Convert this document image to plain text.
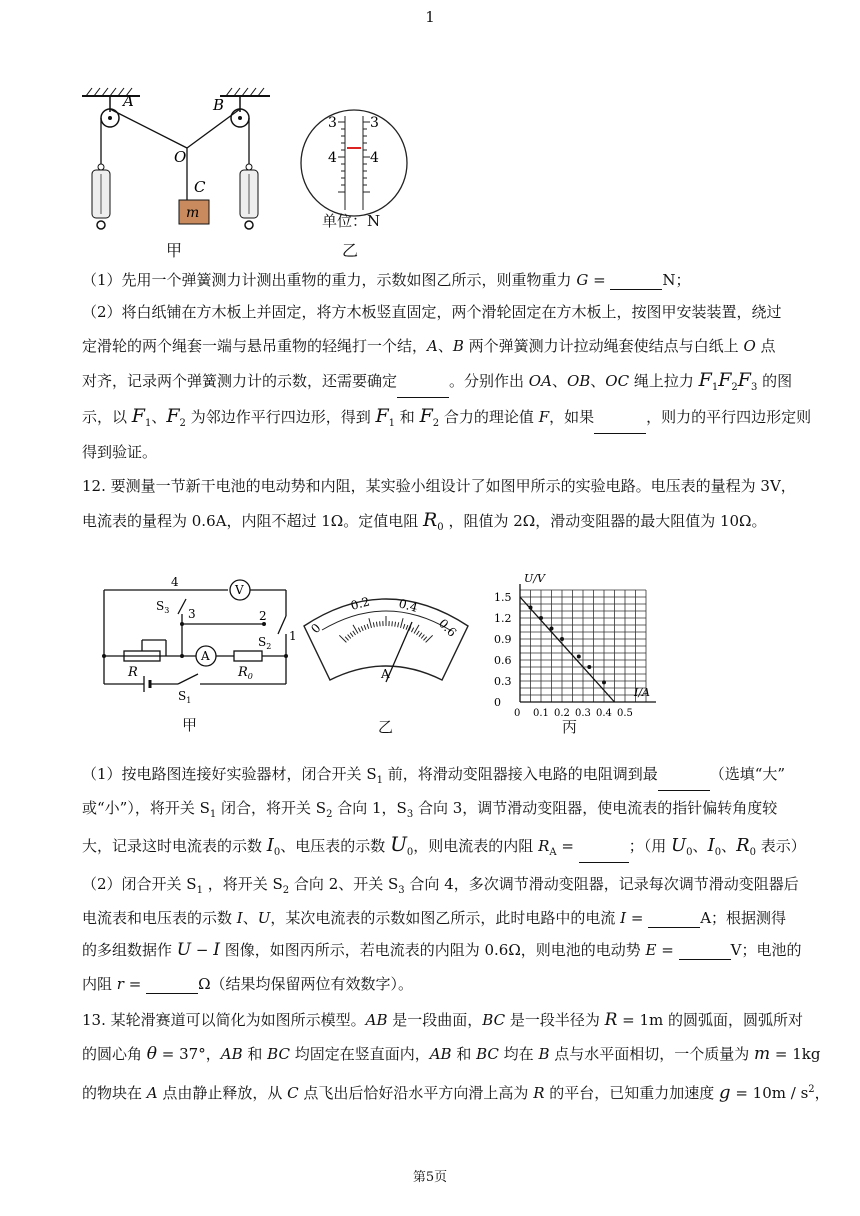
1
A	B
O
C
m
甲
3 3
4 4
单位：N
乙
（1）先用一个弹簧测力计测出重物的重力，示数如图乙所示，则重物重力 G =	N；
（2）将白纸铺在方木板上并固定，将方木板竖直固定，两个滑轮固定在方木板上，按图甲安装装置，绕过
定滑轮的两个绳套一端与悬吊重物的轻绳打一个结，A、B 两个弹簧测力计拉动绳套使结点与白纸上 O 点
对齐，记录两个弹簧测力计的示数，还需要确定	。分别作出 OA、OB、OC 绳上拉力 $F_1F_2F_3$ 的图
示，以 $F_1$、$F_2$ 为邻边作平行四边形，得到 $F_1$ 和 $F_2$ 合力的理论值 F，如果	，则力的平行四边形定则
得到验证。
12. 要测量一节新干电池的电动势和内阻，某实验小组设计了如图甲所示的实验电路。电压表的量程为 3V，
电流表的量程为 0.6A，内阻不超过 1Ω。定值电阻 $R_0$ ，阻值为 2Ω，滑动变阻器的最大阻值为 10Ω。
4
3	2
1
$S_3$
$S_2$
$S_1$
V
A
R	$R_0$
甲
0
0.2 0.4
0.6
A
乙
0
0.3
0.6
0.9
1.2
1.5
0 0.1 0.2 0.3 0.4 0.5
U/V
I/A
丙
（1）按电路图连接好实验器材，闭合开关 $S_1$ 前，将滑动变阻器接入电路的电阻调到最	（选填“大”
或“小”），将开关 $S_1$ 闭合，将开关 $S_2$ 合向 1，$S_3$ 合向 3，调节滑动变阻器，使电流表的指针偏转角度较
大，记录这时电流表的示数 $I_0$、电压表的示数 $U_0$，则电流表的内阻 $R_A$ =	；（用 $U_0$、$I_0$、$R_0$ 表示）
（2）闭合开关 $S_1$ ，将开关 $S_2$ 合向 2、开关 $S_3$ 合向 4，多次调节滑动变阻器，记录每次调节滑动变阻器后
电流表和电压表的示数 I、U，某次电流表的示数如图乙所示，此时电路中的电流 I =	A；根据测得
的多组数据作 U − I 图像，如图丙所示，若电流表的内阻为 0.6Ω，则电池的电动势 E =	V；电池的
内阻 r =	Ω（结果均保留两位有效数字）。
13. 某轮滑赛道可以简化为如图所示模型。AB 是一段曲面，BC 是一段半径为 R = 1m 的圆弧面，圆弧所对
的圆心角 θ = 37°，AB 和 BC 均固定在竖直面内，AB 和 BC 均在 B 点与水平面相切，一个质量为 m = 1kg
的物块在 A 点由静止释放，从 C 点飞出后恰好沿水平方向滑上高为 R 的平台，已知重力加速度 $g = 10m / s^2$，
第5页
